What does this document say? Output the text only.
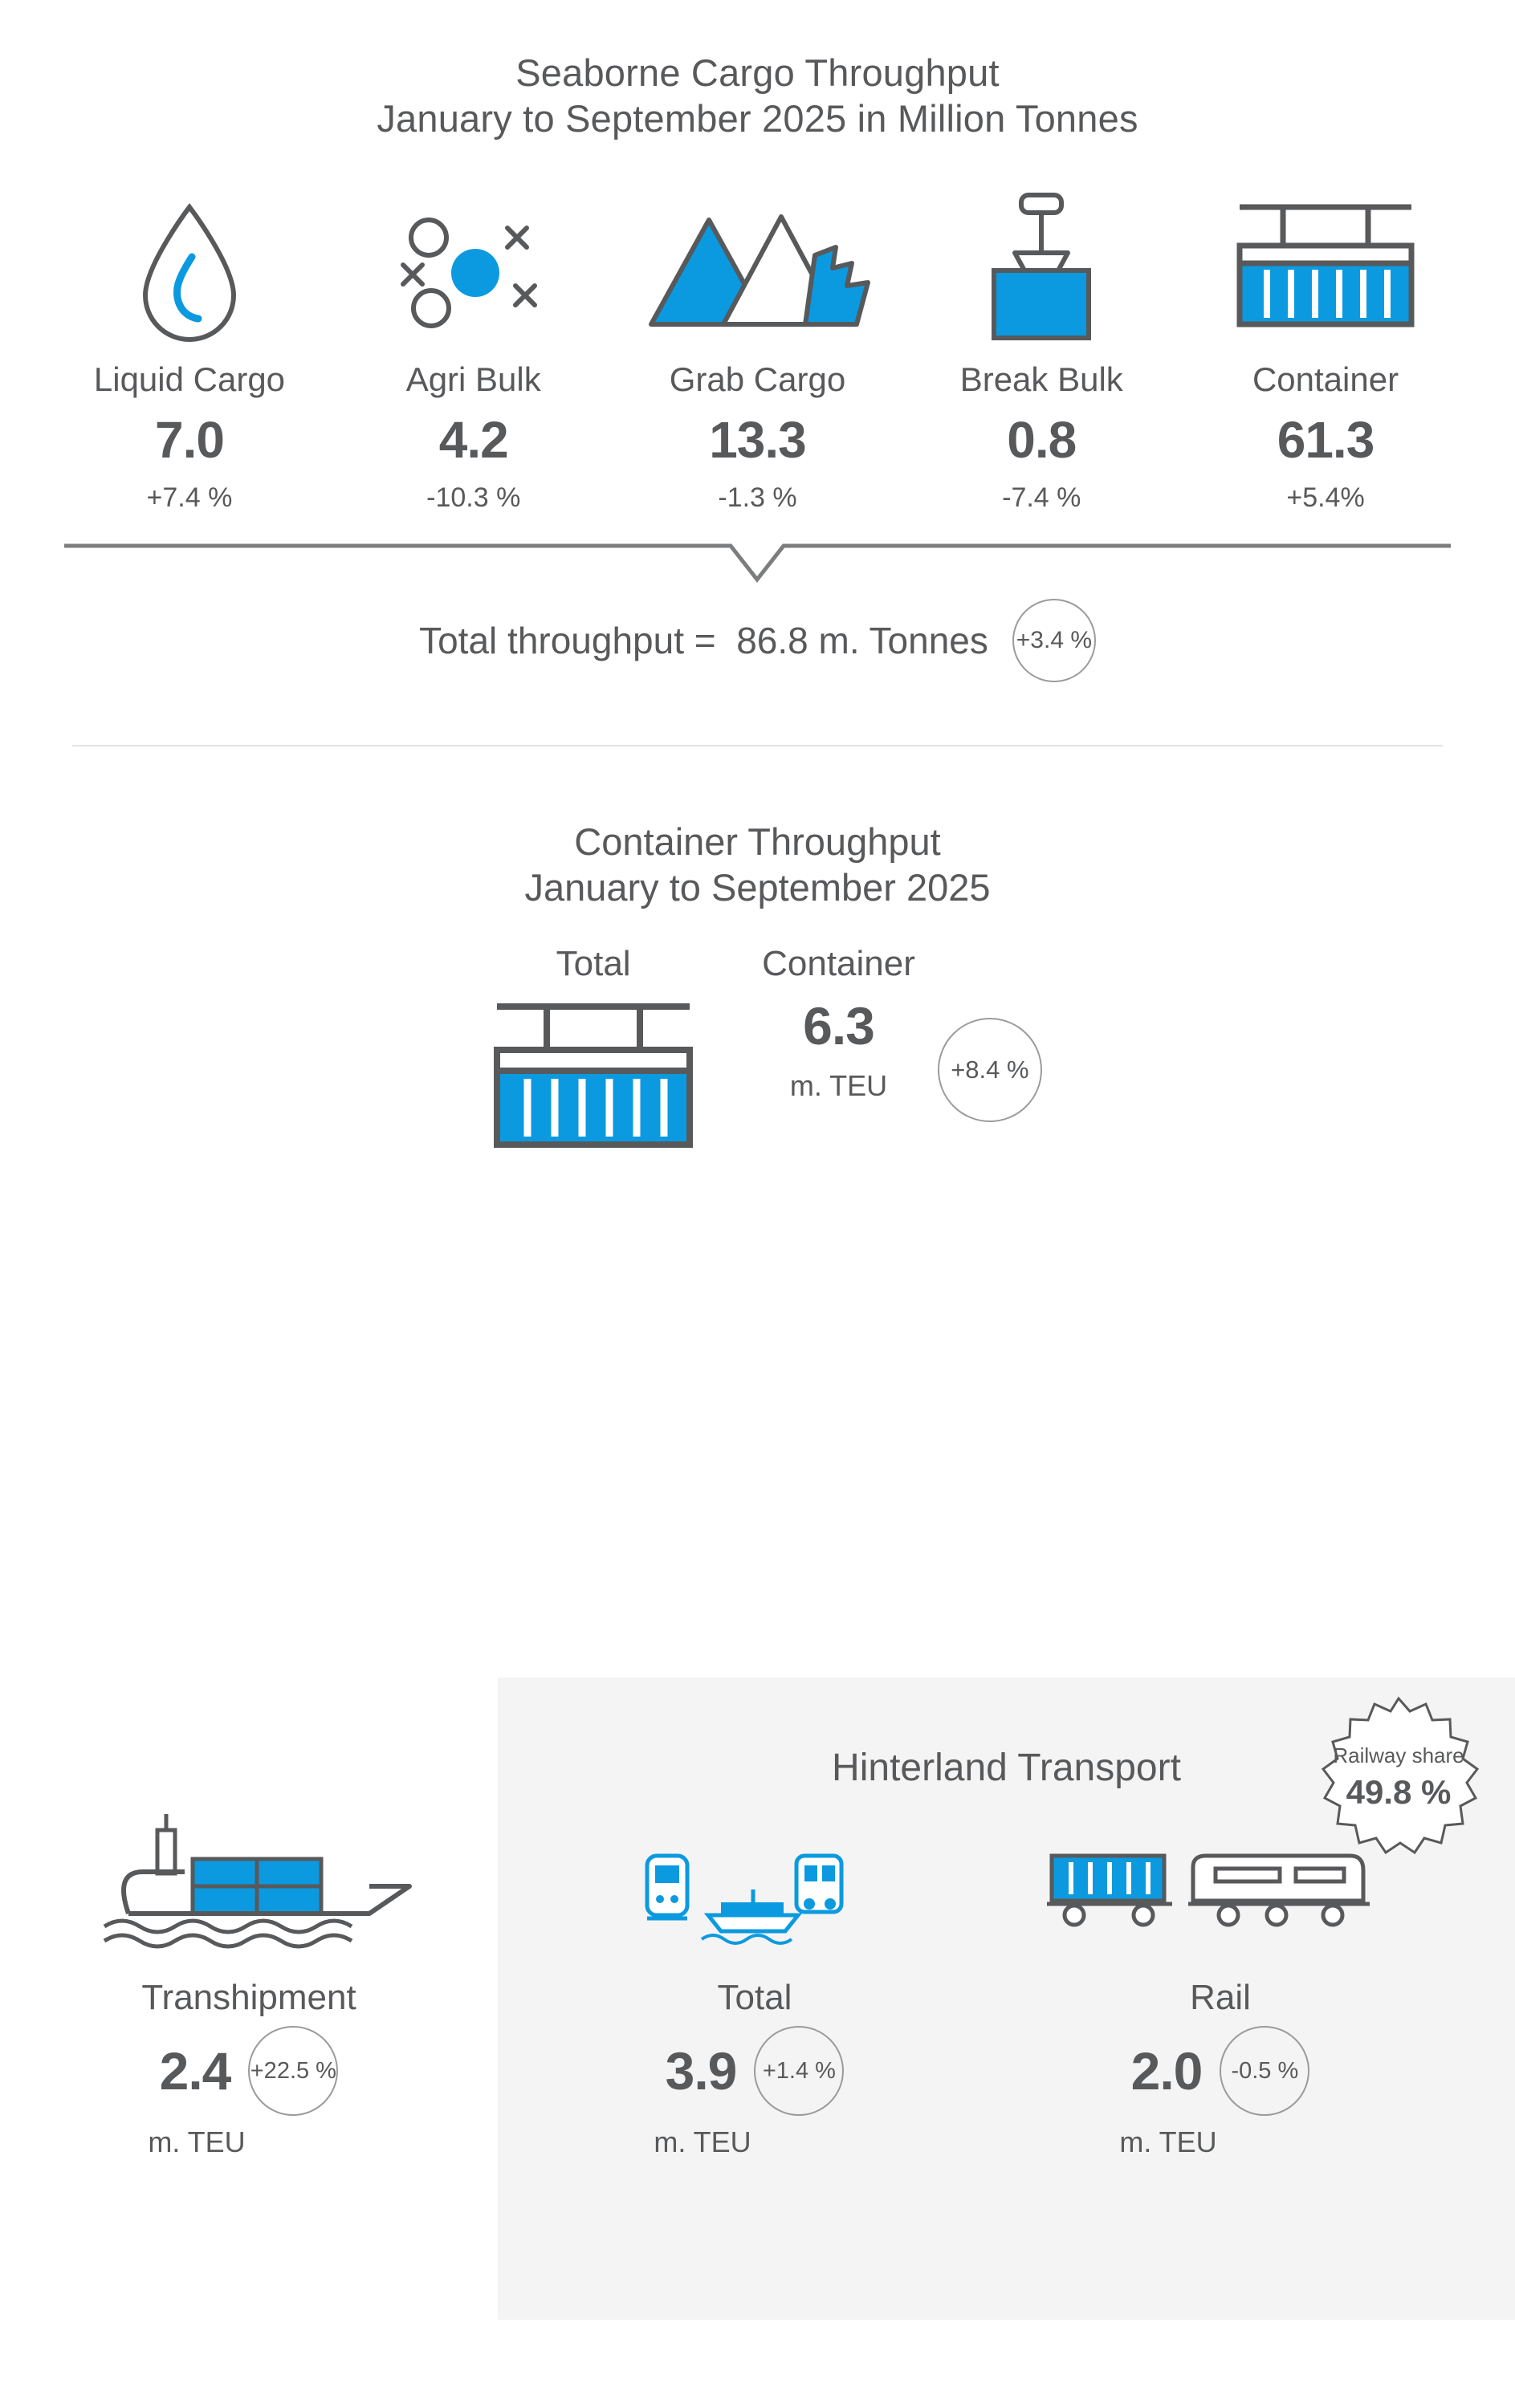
Seaborne Cargo Throughput
January to September 2025 in Million Tonnes
Liquid Cargo
7.0
+7.4 %
Agri Bulk
4.2
-10.3 %
Grab Cargo
13.3
-1.3 %
Break Bulk
0.8
-7.4 %
Container
61.3
+5.4%
Total throughput =  86.8 m. Tonnes +3.4 %
Container Throughput
January to September 2025
Total	Container
6.3
m. TEU	+8.4 %
Hinterland Transport	Railway share
49.8 %
Transhipment
2.4 +22.5 %
m. TEU
Total
3.9	+1.4 %
m. TEU
Rail
2.0	-0.5 %
m. TEU
